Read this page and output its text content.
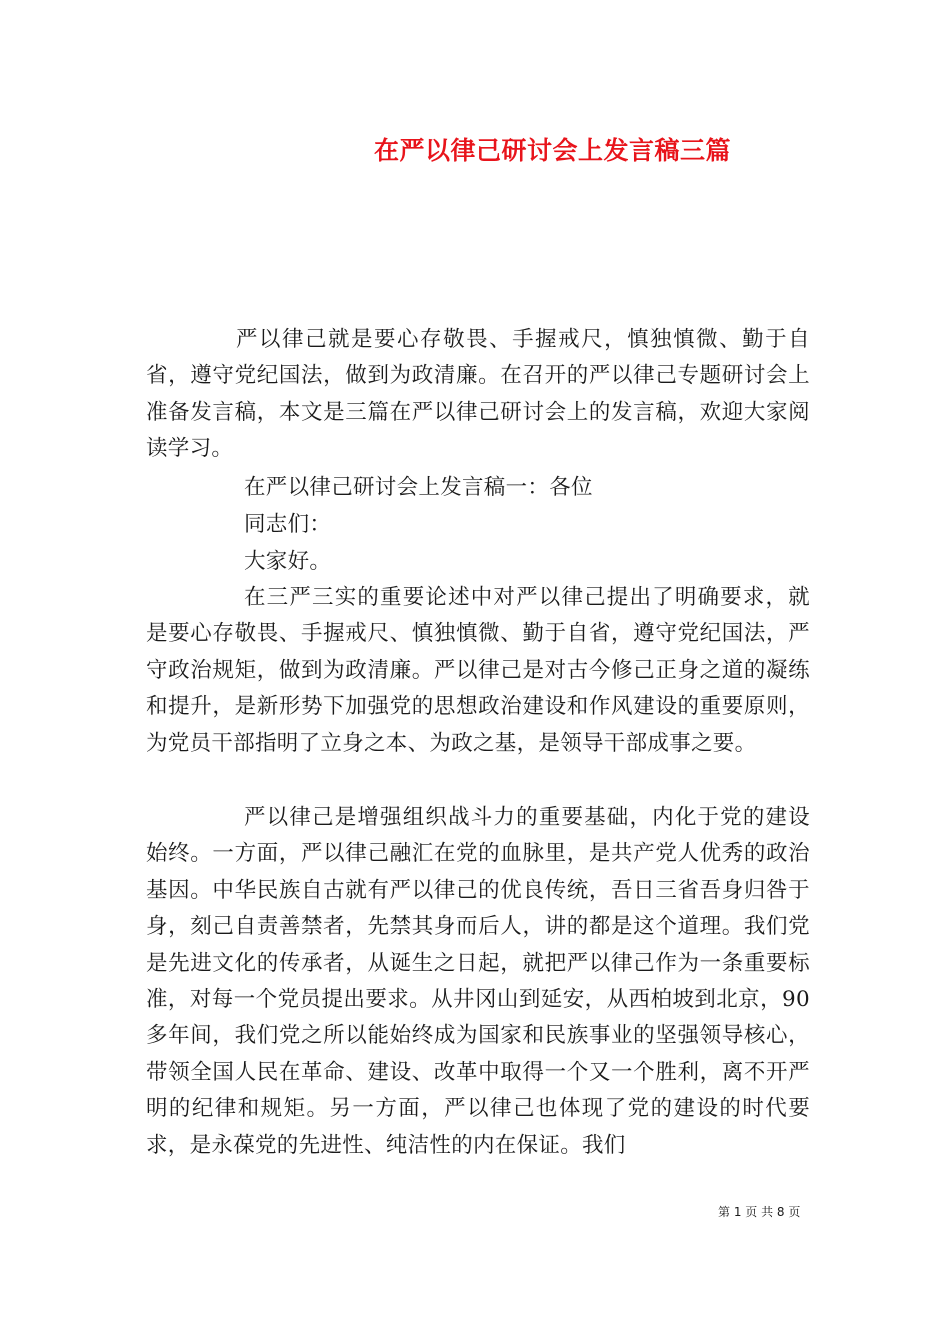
在严以律己研讨会上发言稿三篇

严以律己就是要心存敬畏、手握戒尺，慎独慎微、勤于自省，遵守党纪国法，做到为政清廉。在召开的严以律己专题研讨会上准备发言稿，本文是三篇在严以律己研讨会上的发言稿，欢迎大家阅读学习。

在严以律己研讨会上发言稿一：各位

同志们：

大家好。

在三严三实的重要论述中对严以律己提出了明确要求，就是要心存敬畏、手握戒尺、慎独慎微、勤于自省，遵守党纪国法，严守政治规矩，做到为政清廉。严以律己是对古今修己正身之道的凝练和提升，是新形势下加强党的思想政治建设和作风建设的重要原则，为党员干部指明了立身之本、为政之基，是领导干部成事之要。

严以律己是增强组织战斗力的重要基础，内化于党的建设始终。一方面，严以律己融汇在党的血脉里，是共产党人优秀的政治基因。中华民族自古就有严以律己的优良传统，吾日三省吾身归咎于身，刻己自责善禁者，先禁其身而后人，讲的都是这个道理。我们党是先进文化的传承者，从诞生之日起，就把严以律己作为一条重要标准，对每一个党员提出要求。从井冈山到延安，从西柏坡到北京，90多年间，我们党之所以能始终成为国家和民族事业的坚强领导核心，带领全国人民在革命、建设、改革中取得一个又一个胜利，离不开严明的纪律和规矩。另一方面，严以律己也体现了党的建设的时代要求，是永葆党的先进性、纯洁性的内在保证。我们

第 1 页 共 8 页
